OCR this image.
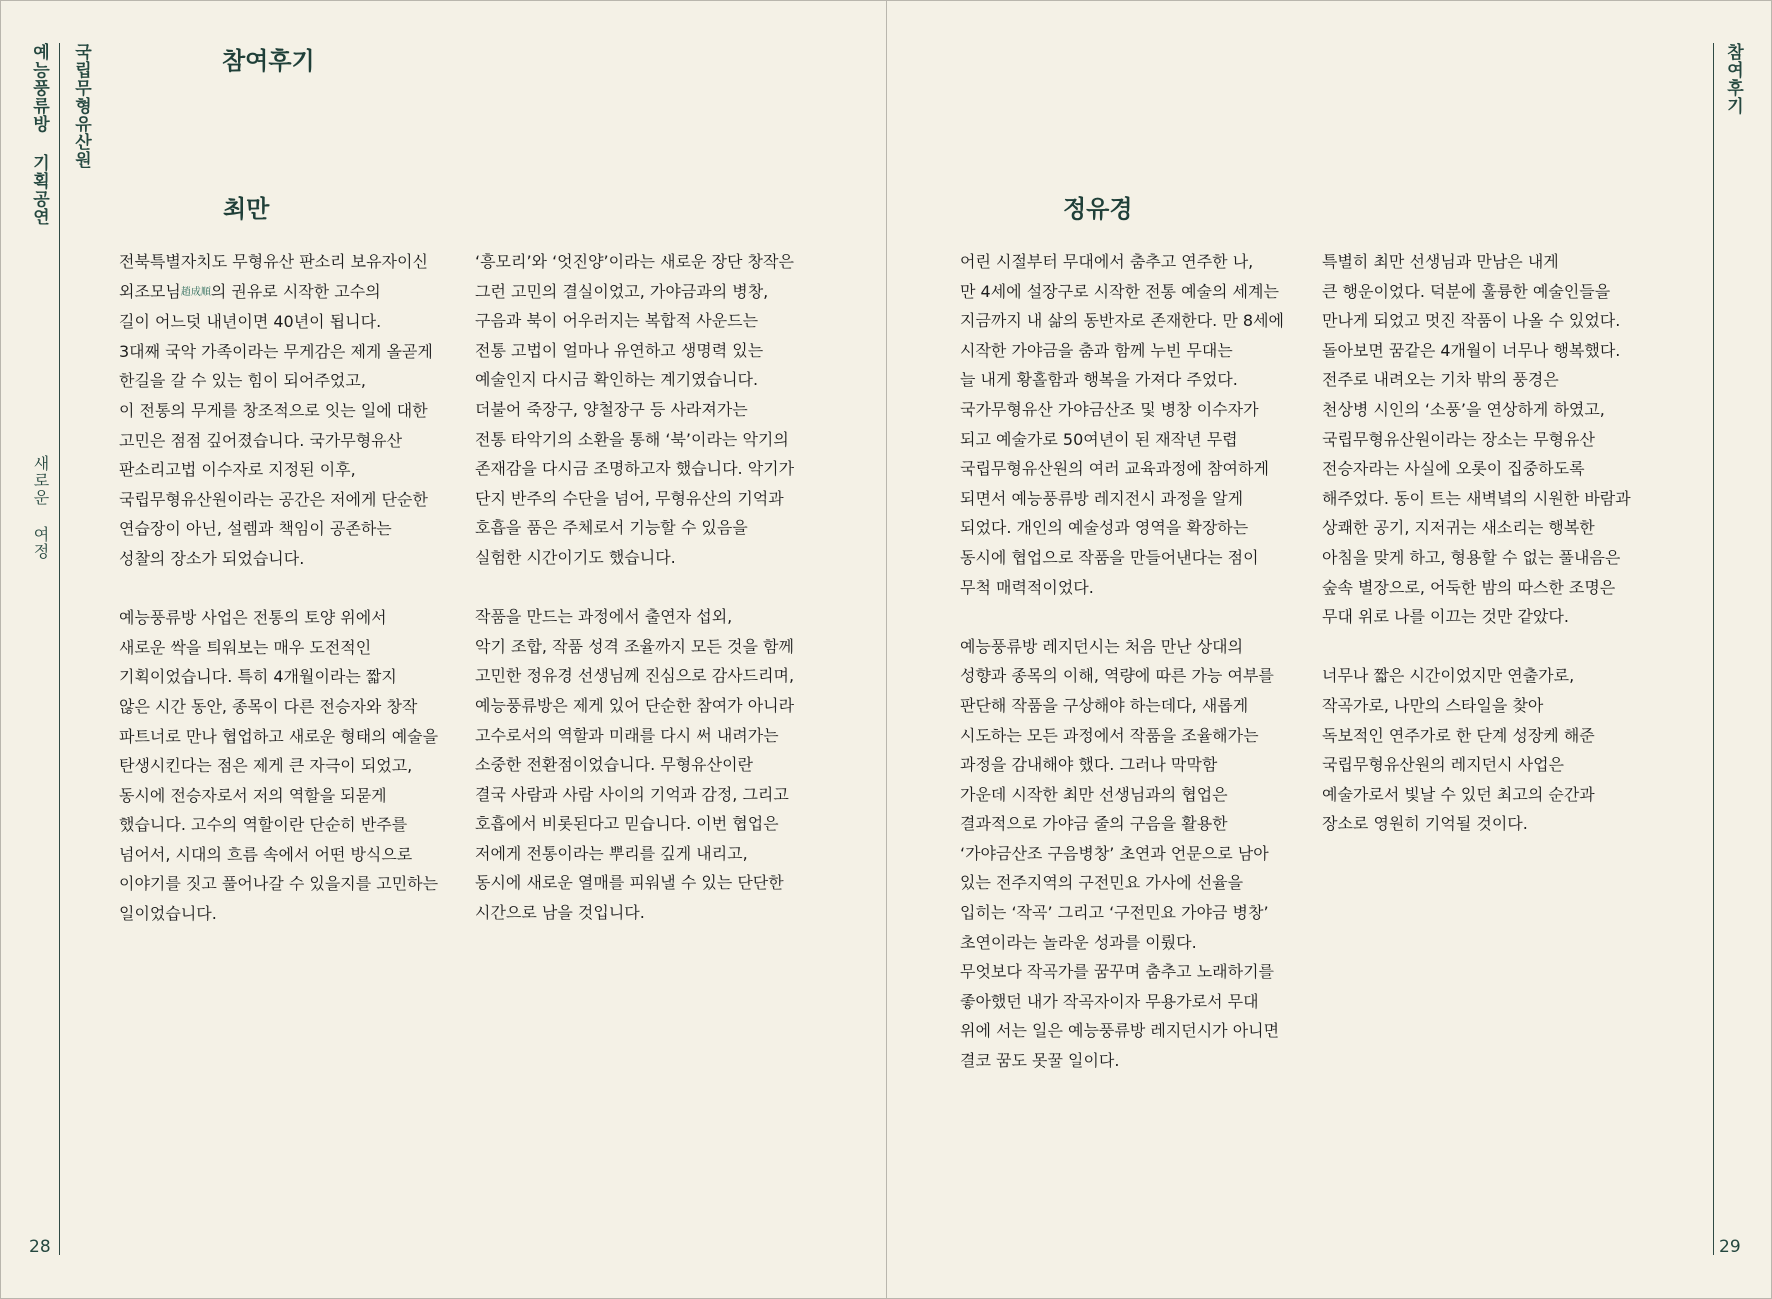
예능풍류방 기획공연 국립무형유산원
새로운 여정
28
참여후기
최만

전북특별자치도 무형유산 판소리 보유자이신
외조모님趙成順의 권유로 시작한 고수의
길이 어느덧 내년이면 40년이 됩니다.
3대째 국악 가족이라는 무게감은 제게 올곧게
한길을 갈 수 있는 힘이 되어주었고,
이 전통의 무게를 창조적으로 잇는 일에 대한
고민은 점점 깊어졌습니다. 국가무형유산
판소리고법 이수자로 지정된 이후,
국립무형유산원이라는 공간은 저에게 단순한
연습장이 아닌, 설렘과 책임이 공존하는
성찰의 장소가 되었습니다.

예능풍류방 사업은 전통의 토양 위에서
새로운 싹을 틔워보는 매우 도전적인
기획이었습니다. 특히 4개월이라는 짧지
않은 시간 동안, 종목이 다른 전승자와 창작
파트너로 만나 협업하고 새로운 형태의 예술을
탄생시킨다는 점은 제게 큰 자극이 되었고,
동시에 전승자로서 저의 역할을 되묻게
했습니다. 고수의 역할이란 단순히 반주를
넘어서, 시대의 흐름 속에서 어떤 방식으로
이야기를 짓고 풀어나갈 수 있을지를 고민하는
일이었습니다.

‘흥모리’와 ‘엇진양’이라는 새로운 장단 창작은
그런 고민의 결실이었고, 가야금과의 병창,
구음과 북이 어우러지는 복합적 사운드는
전통 고법이 얼마나 유연하고 생명력 있는
예술인지 다시금 확인하는 계기였습니다.
더불어 죽장구, 양철장구 등 사라져가는
전통 타악기의 소환을 통해 ‘북’이라는 악기의
존재감을 다시금 조명하고자 했습니다. 악기가
단지 반주의 수단을 넘어, 무형유산의 기억과
호흡을 품은 주체로서 기능할 수 있음을
실험한 시간이기도 했습니다.

작품을 만드는 과정에서 출연자 섭외,
악기 조합, 작품 성격 조율까지 모든 것을 함께
고민한 정유경 선생님께 진심으로 감사드리며,
예능풍류방은 제게 있어 단순한 참여가 아니라
고수로서의 역할과 미래를 다시 써 내려가는
소중한 전환점이었습니다. 무형유산이란
결국 사람과 사람 사이의 기억과 감정, 그리고
호흡에서 비롯된다고 믿습니다. 이번 협업은
저에게 전통이라는 뿌리를 깊게 내리고,
동시에 새로운 열매를 피워낼 수 있는 단단한
시간으로 남을 것입니다.

참여후기
29
정유경

어린 시절부터 무대에서 춤추고 연주한 나,
만 4세에 설장구로 시작한 전통 예술의 세계는
지금까지 내 삶의 동반자로 존재한다. 만 8세에
시작한 가야금을 춤과 함께 누빈 무대는
늘 내게 황홀함과 행복을 가져다 주었다.
국가무형유산 가야금산조 및 병창 이수자가
되고 예술가로 50여년이 된 재작년 무렵
국립무형유산원의 여러 교육과정에 참여하게
되면서 예능풍류방 레지전시 과정을 알게
되었다. 개인의 예술성과 영역을 확장하는
동시에 협업으로 작품을 만들어낸다는 점이
무척 매력적이었다.

예능풍류방 레지던시는 처음 만난 상대의
성향과 종목의 이해, 역량에 따른 가능 여부를
판단해 작품을 구상해야 하는데다, 새롭게
시도하는 모든 과정에서 작품을 조율해가는
과정을 감내해야 했다. 그러나 막막함
가운데 시작한 최만 선생님과의 협업은
결과적으로 가야금 줄의 구음을 활용한
‘가야금산조 구음병창’ 초연과 언문으로 남아
있는 전주지역의 구전민요 가사에 선율을
입히는 ‘작곡’ 그리고 ‘구전민요 가야금 병창’
초연이라는 놀라운 성과를 이뤘다.
무엇보다 작곡가를 꿈꾸며 춤추고 노래하기를
좋아했던 내가 작곡자이자 무용가로서 무대
위에 서는 일은 예능풍류방 레지던시가 아니면
결코 꿈도 못꿀 일이다.

특별히 최만 선생님과 만남은 내게
큰 행운이었다. 덕분에 훌륭한 예술인들을
만나게 되었고 멋진 작품이 나올 수 있었다.
돌아보면 꿈같은 4개월이 너무나 행복했다.
전주로 내려오는 기차 밖의 풍경은
천상병 시인의 ‘소풍’을 연상하게 하였고,
국립무형유산원이라는 장소는 무형유산
전승자라는 사실에 오롯이 집중하도록
해주었다. 동이 트는 새벽녘의 시원한 바람과
상쾌한 공기, 지저귀는 새소리는 행복한
아침을 맞게 하고, 형용할 수 없는 풀내음은
숲속 별장으로, 어둑한 밤의 따스한 조명은
무대 위로 나를 이끄는 것만 같았다.

너무나 짧은 시간이었지만 연출가로,
작곡가로, 나만의 스타일을 찾아
독보적인 연주가로 한 단계 성장케 해준
국립무형유산원의 레지던시 사업은
예술가로서 빛날 수 있던 최고의 순간과
장소로 영원히 기억될 것이다.
